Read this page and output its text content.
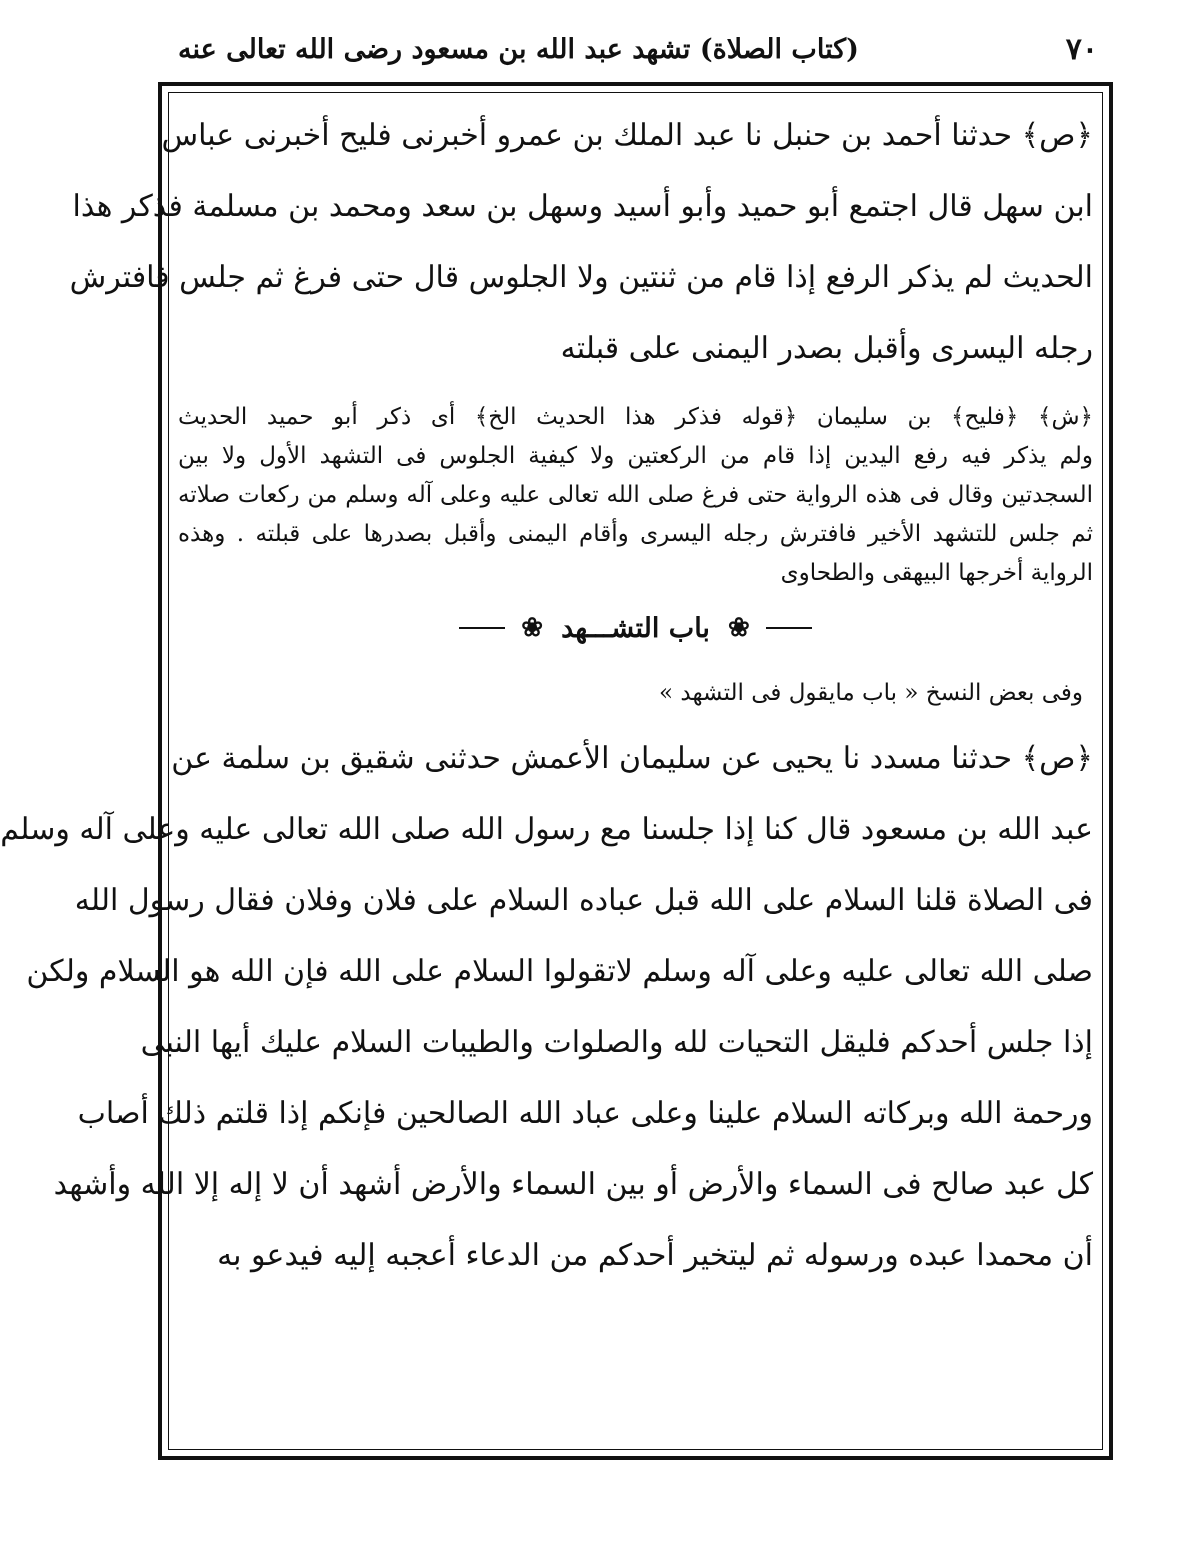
٧٠
(كتاب الصلاة) تشهد عبد الله بن مسعود رضى الله تعالى عنه
﴿ص﴾ حدثنا أحمد بن حنبل نا عبد الملك بن عمرو أخبرنى فليح أخبرنى عباس
ابن سهل قال اجتمع أبو حميد وأبو أسيد وسهل بن سعد ومحمد بن مسلمة فذكر هذا
الحديث لم يذكر الرفع إذا قام من ثنتين ولا الجلوس قال حتى فرغ ثم جلس فافترش
رجله اليسرى وأقبل بصدر اليمنى على قبلته
﴿ش﴾ ﴿فليح﴾ بن سليمان ﴿قوله فذكر هذا الحديث الخ﴾ أى ذكر أبو حميد الحديث
ولم يذكر فيه رفع اليدين إذا قام من الركعتين ولا كيفية الجلوس فى التشهد الأول ولا بين
السجدتين وقال فى هذه الرواية حتى فرغ صلى الله تعالى عليه وعلى آله وسلم من ركعات صلاته
ثم جلس للتشهد الأخير فافترش رجله اليسرى وأقام اليمنى وأقبل بصدرها على قبلته . وهذه
الرواية أخرجها البيهقى والطحاوى
❀
باب التشـــهد
❀
وفى بعض النسخ « باب مايقول فى التشهد »
﴿ص﴾ حدثنا مسدد نا يحيى عن سليمان الأعمش حدثنى شقيق بن سلمة عن
عبد الله بن مسعود قال كنا إذا جلسنا مع رسول الله صلى الله تعالى عليه وعلى آله وسلم
فى الصلاة قلنا السلام على الله قبل عباده السلام على فلان وفلان فقال رسول الله
صلى الله تعالى عليه وعلى آله وسلم لاتقولوا السلام على الله فإن الله هو السلام ولكن
إذا جلس أحدكم فليقل التحيات لله والصلوات والطيبات السلام عليك أيها النبى
ورحمة الله وبركاته السلام علينا وعلى عباد الله الصالحين فإنكم إذا قلتم ذلك أصاب
كل عبد صالح فى السماء والأرض أو بين السماء والأرض أشهد أن لا إله إلا الله وأشهد
أن محمدا عبده ورسوله ثم ليتخير أحدكم من الدعاء أعجبه إليه فيدعو به
